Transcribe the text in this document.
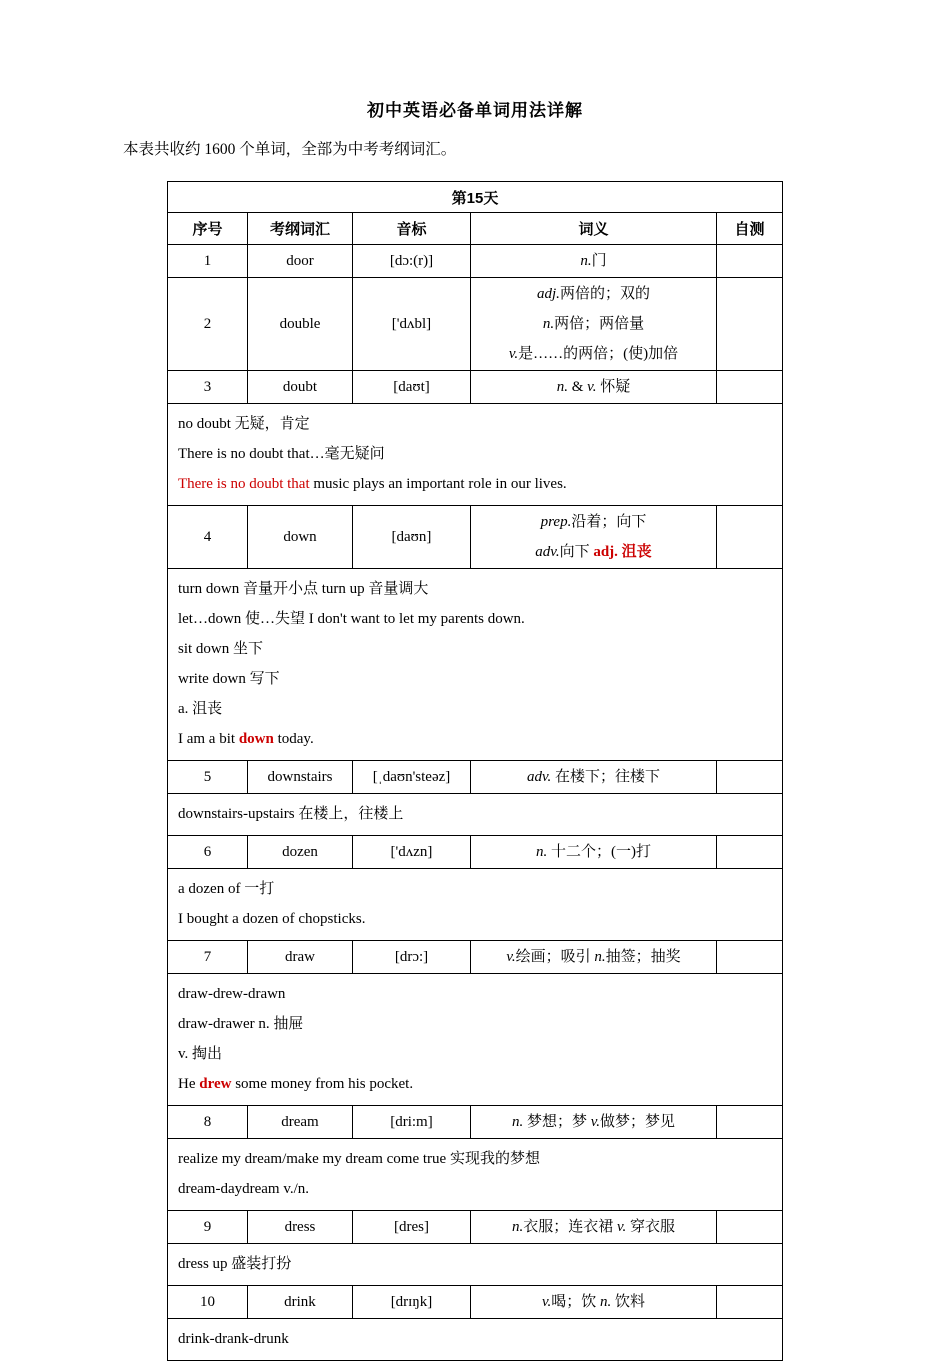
初中英语必备单词用法详解
本表共收约 1600 个单词，全部为中考考纲词汇。
第15天				
序号	考纲词汇	音标	词义	自测
1	door	[dɔ:(r)]	n.门	

2	double	['dʌbl]	adj.两倍的；双的
n.两倍；两倍量
v.是……的两倍；(使)加倍	

3	doubt	[daʊt]	n. & v. 怀疑	

no doubt 无疑，肯定
There is no doubt that…毫无疑问
There is no doubt that music plays an important role in our lives.				

4	down	[daʊn]	prep.沿着；向下
adv.向下 adj. 沮丧	

turn down 音量开小点 turn up 音量调大
let…down 使…失望 I don't want to let my parents down.
sit down 坐下
write down 写下
a. 沮丧
I am a bit down today.

5	downstairs	[ˌdaʊn'steəz]	adv. 在楼下；往楼下	

downstairs-upstairs 在楼上，往楼上				

6	dozen	['dʌzn]	n. 十二个；(一)打	

a dozen of 一打
I bought a dozen of chopsticks.				

7	draw	[drɔ:]	v.绘画；吸引 n.抽签；抽奖	

draw-drew-drawn
draw-drawer n. 抽屉
v. 掏出
He drew some money from his pocket.				

8	dream	[dri:m]	n. 梦想；梦 v.做梦；梦见	

realize my dream/make my dream come true 实现我的梦想
dream-daydream v./n.				

9	dress	[dres]	n.衣服；连衣裙 v. 穿衣服	

dress up 盛装打扮				

10	drink	[drɪŋk]	v.喝；饮 n. 饮料	

drink-drank-drunk				
